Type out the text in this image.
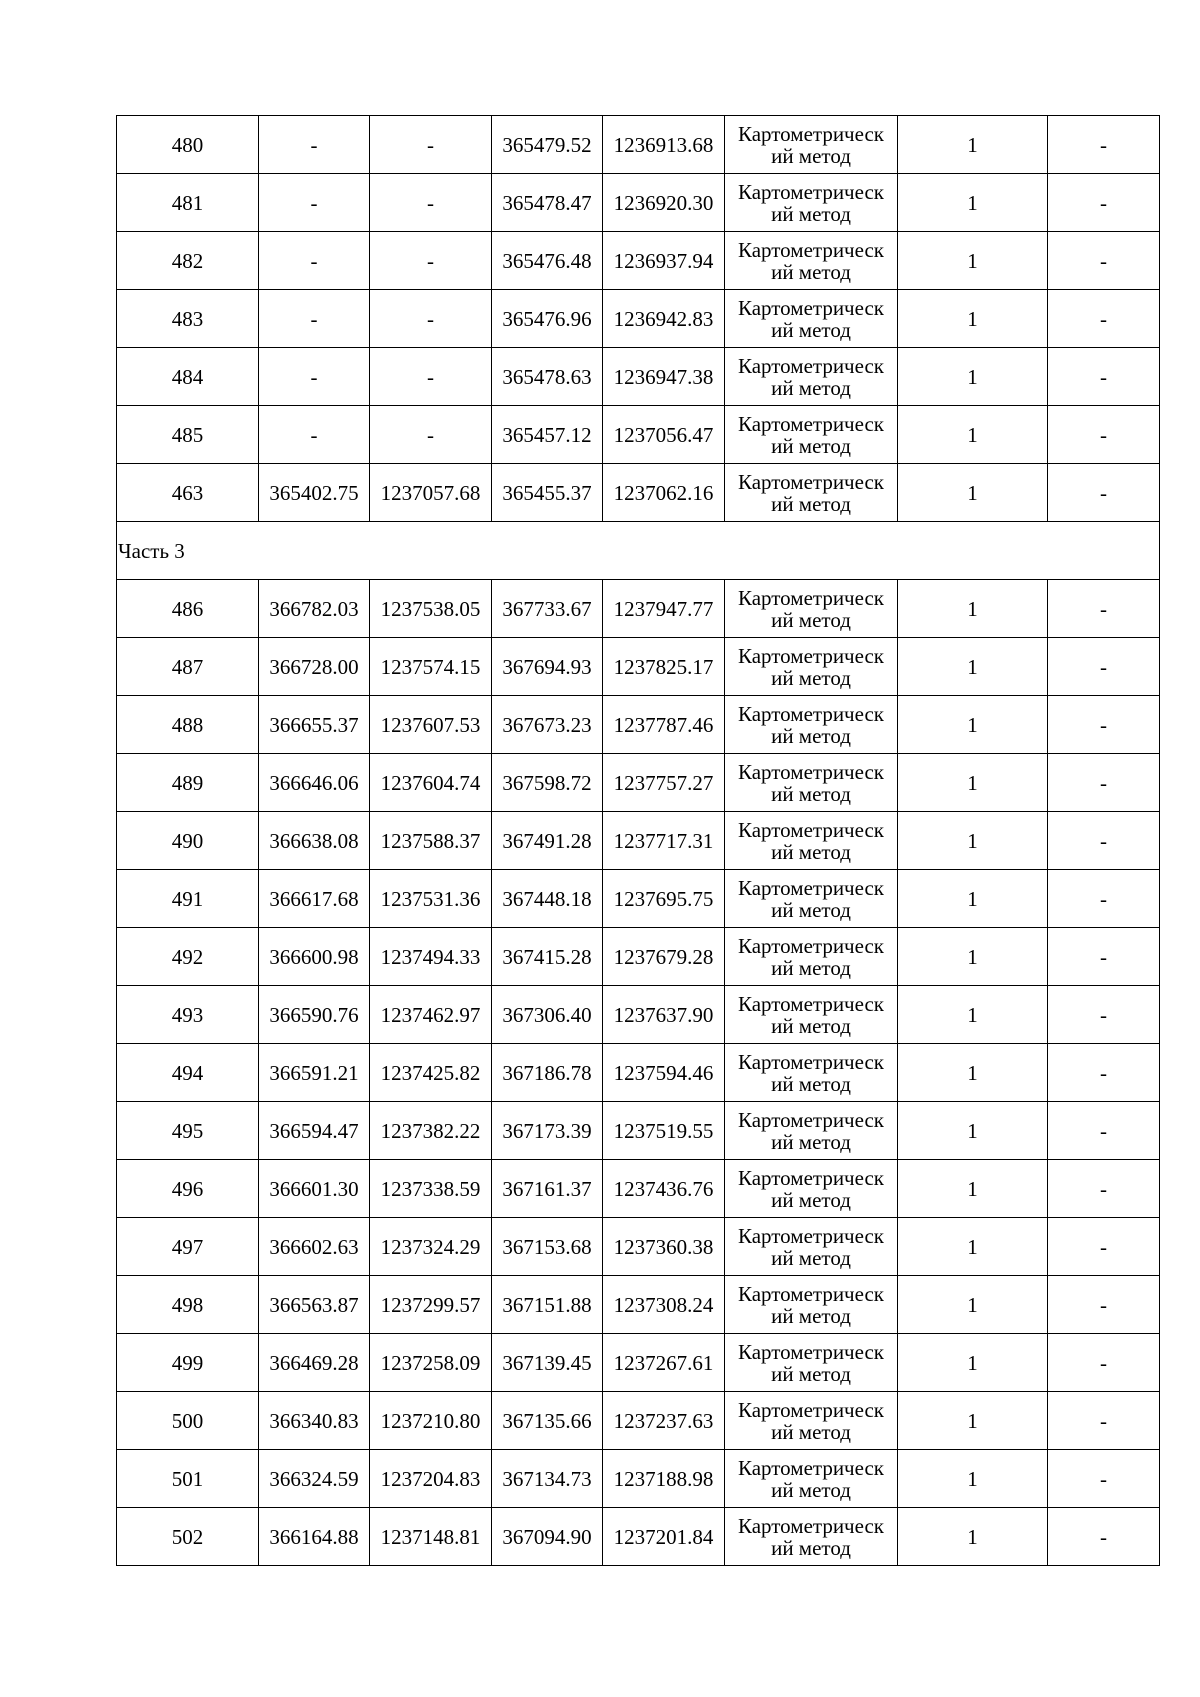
480	-	-	365479.52	1236913.68	Картометрическ
ий метод	1	-
481	-	-	365478.47	1236920.30	Картометрическ
ий метод	1	-
482	-	-	365476.48	1236937.94	Картометрическ
ий метод	1	-
483	-	-	365476.96	1236942.83	Картометрическ
ий метод	1	-
484	-	-	365478.63	1236947.38	Картометрическ
ий метод	1	-
485	-	-	365457.12	1237056.47	Картометрическ
ий метод	1	-
463	365402.75	1237057.68	365455.37	1237062.16	Картометрическ
ий метод	1	-
Часть 3							
486	366782.03	1237538.05	367733.67	1237947.77	Картометрическ
ий метод	1	-
487	366728.00	1237574.15	367694.93	1237825.17	Картометрическ
ий метод	1	-
488	366655.37	1237607.53	367673.23	1237787.46	Картометрическ
ий метод	1	-
489	366646.06	1237604.74	367598.72	1237757.27	Картометрическ
ий метод	1	-
490	366638.08	1237588.37	367491.28	1237717.31	Картометрическ
ий метод	1	-
491	366617.68	1237531.36	367448.18	1237695.75	Картометрическ
ий метод	1	-
492	366600.98	1237494.33	367415.28	1237679.28	Картометрическ
ий метод	1	-
493	366590.76	1237462.97	367306.40	1237637.90	Картометрическ
ий метод	1	-
494	366591.21	1237425.82	367186.78	1237594.46	Картометрическ
ий метод	1	-
495	366594.47	1237382.22	367173.39	1237519.55	Картометрическ
ий метод	1	-
496	366601.30	1237338.59	367161.37	1237436.76	Картометрическ
ий метод	1	-
497	366602.63	1237324.29	367153.68	1237360.38	Картометрическ
ий метод	1	-
498	366563.87	1237299.57	367151.88	1237308.24	Картометрическ
ий метод	1	-
499	366469.28	1237258.09	367139.45	1237267.61	Картометрическ
ий метод	1	-
500	366340.83	1237210.80	367135.66	1237237.63	Картометрическ
ий метод	1	-
501	366324.59	1237204.83	367134.73	1237188.98	Картометрическ
ий метод	1	-
502	366164.88	1237148.81	367094.90	1237201.84	Картометрическ
ий метод	1	-
